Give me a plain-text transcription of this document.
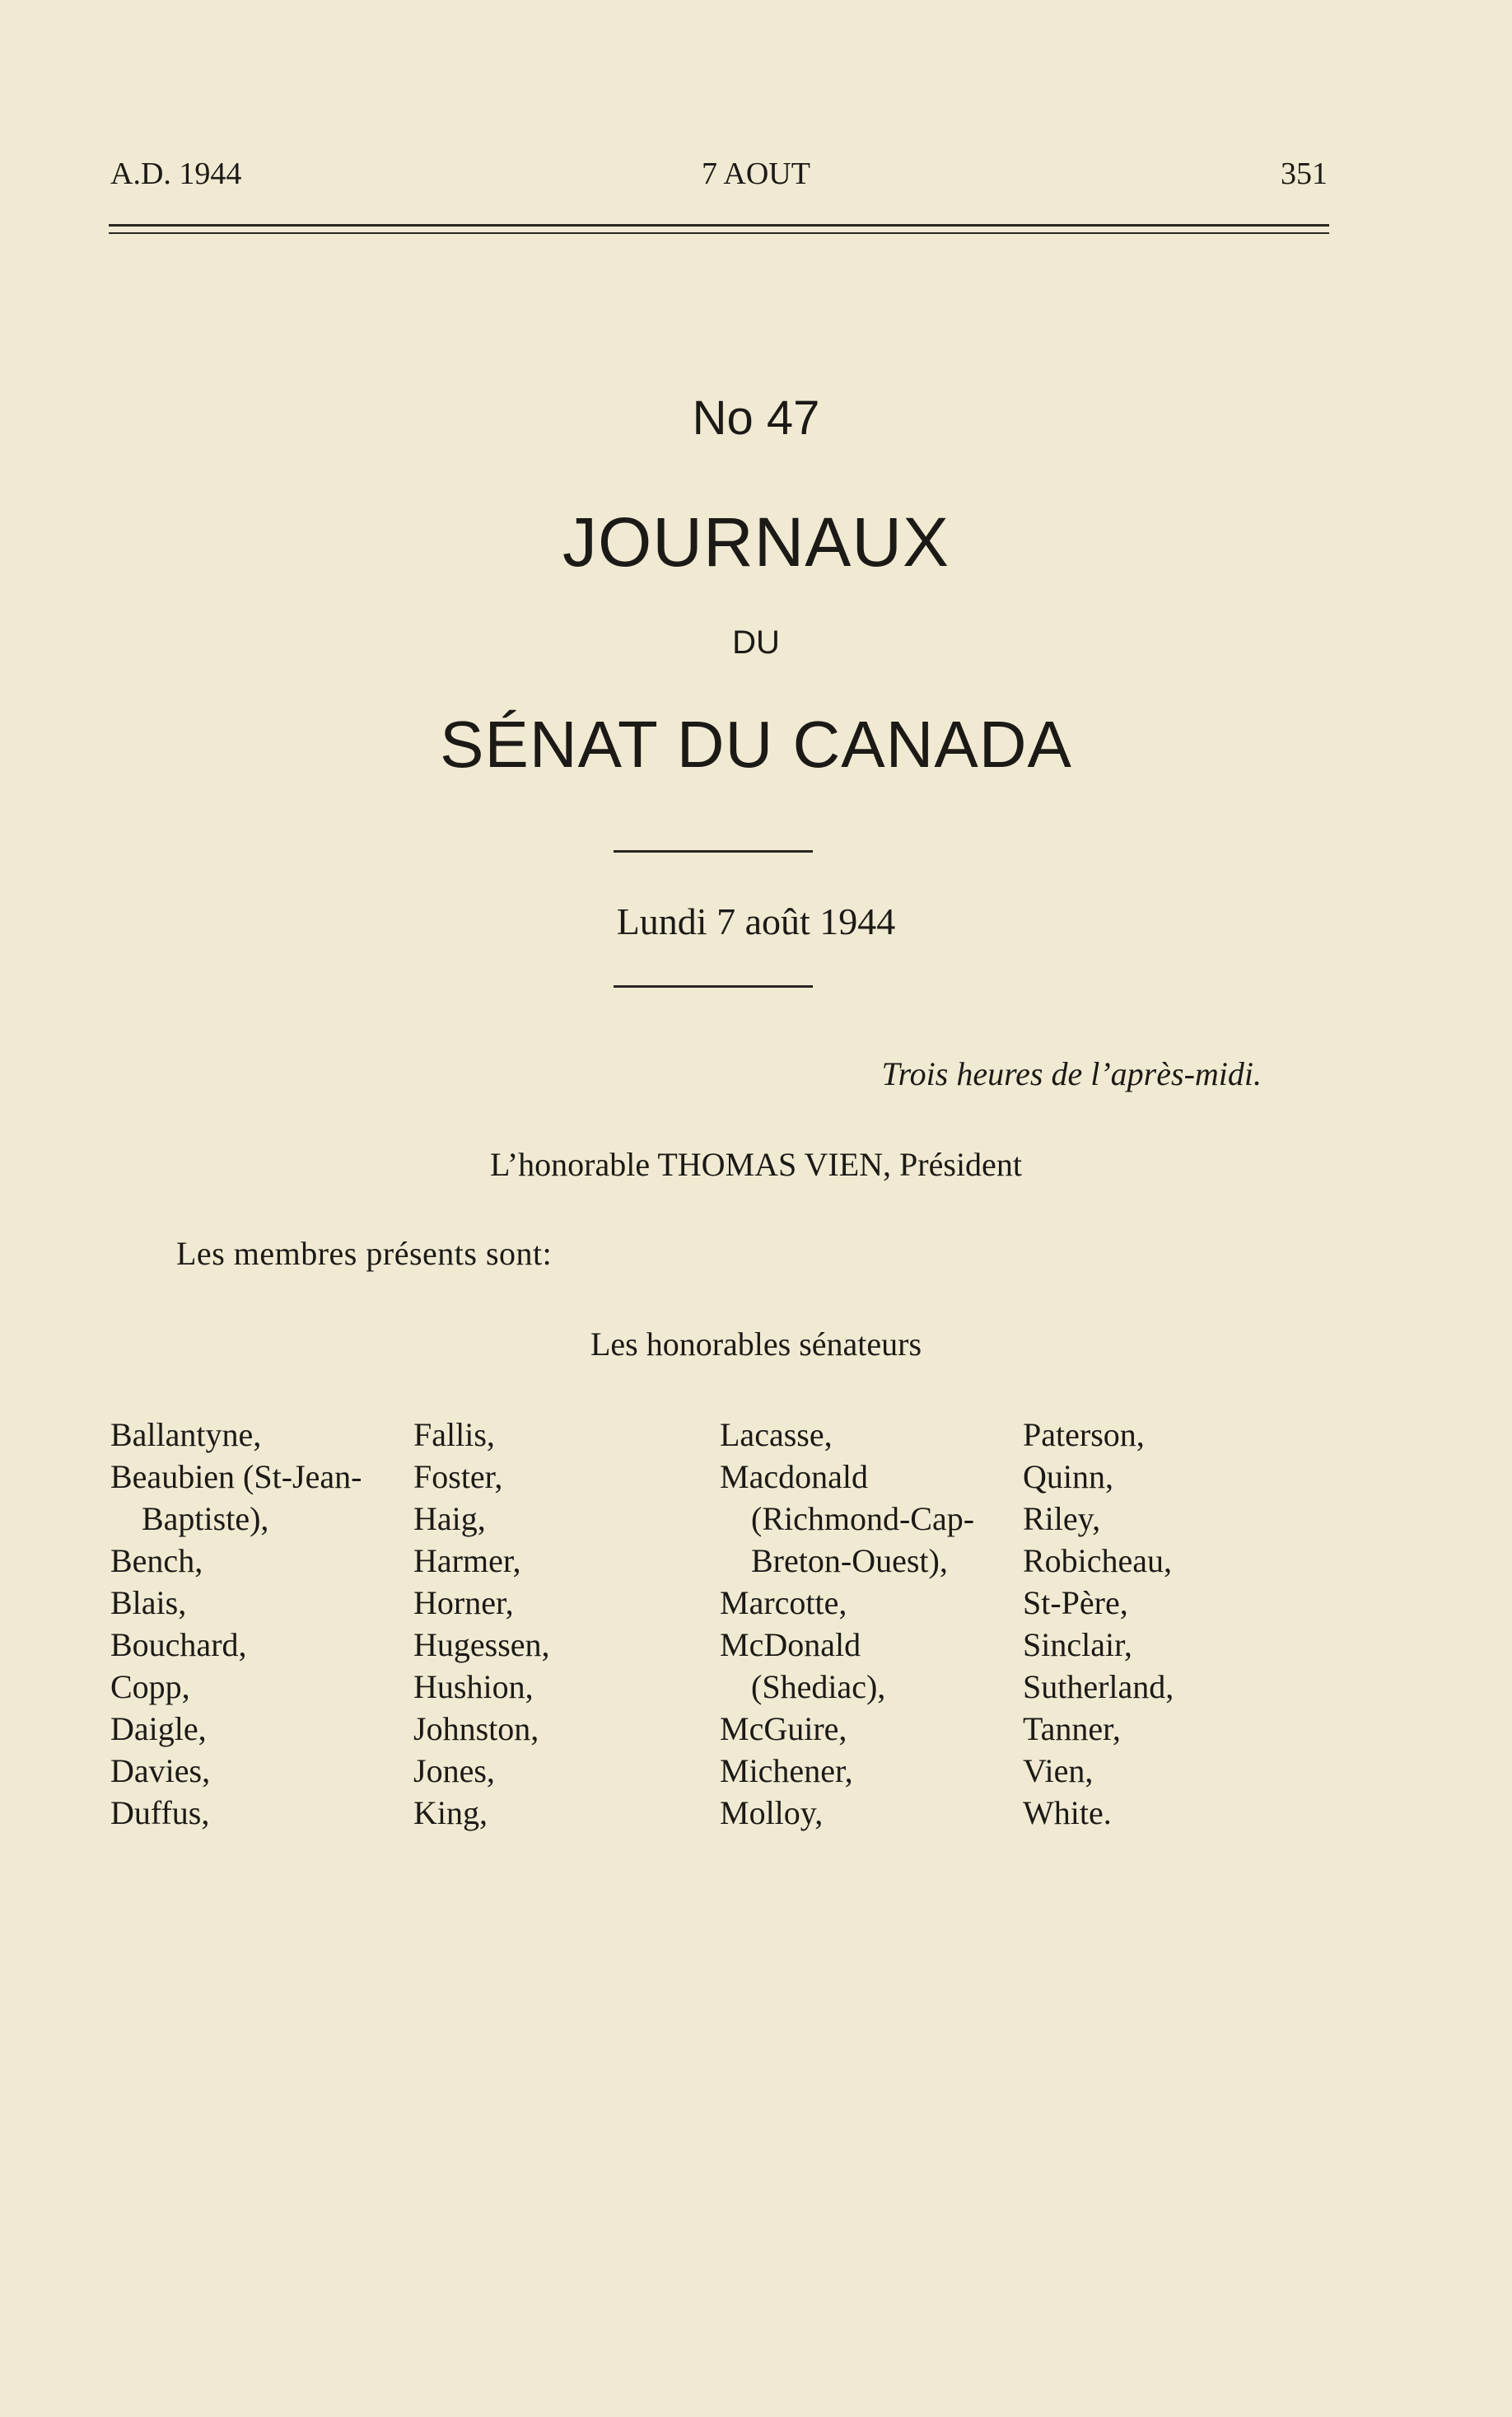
A.D. 1944	7 AOUT	351
No 47
JOURNAUX
DU
SÉNAT DU CANADA
Lundi 7 août 1944
Trois heures de l’après-midi.
L’honorable THOMAS VIEN, Président
Les membres présents sont:
Les honorables sénateurs
Ballantyne,
Beaubien (St-Jean-
Baptiste),
Bench,
Blais,
Bouchard,
Copp,
Daigle,
Davies,
Duffus,
Fallis,
Foster,
Haig,
Harmer,
Horner,
Hugessen,
Hushion,
Johnston,
Jones,
King,
Lacasse,
Macdonald
(Richmond-Cap-
Breton-Ouest),
Marcotte,
McDonald
(Shediac),
McGuire,
Michener,
Molloy,
Paterson,
Quinn,
Riley,
Robicheau,
St-Père,
Sinclair,
Sutherland,
Tanner,
Vien,
White.
